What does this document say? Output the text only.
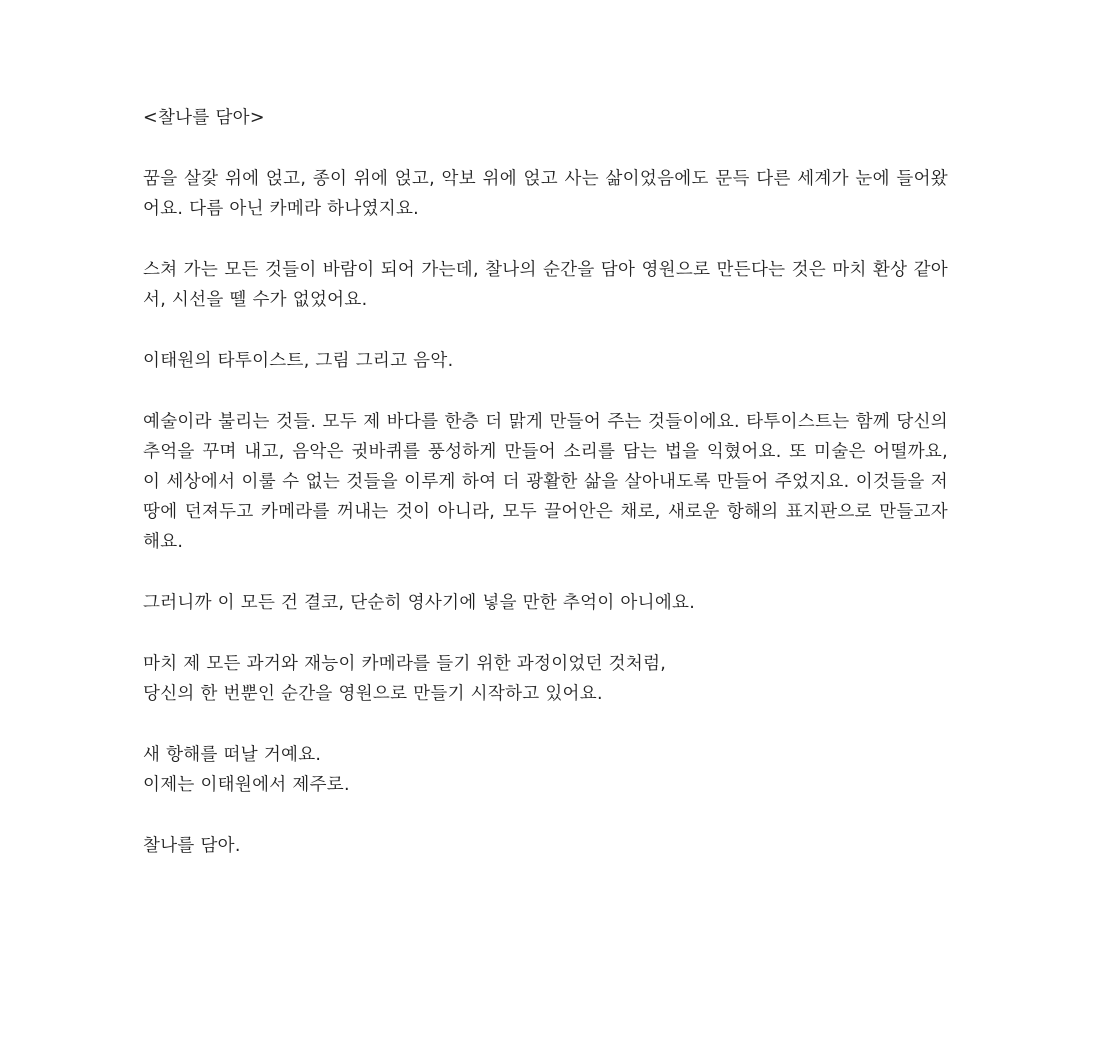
<찰나를 담아>

꿈을 살갗 위에 얹고, 종이 위에 얹고, 악보 위에 얹고 사는 삶이었음에도 문득 다른 세계가 눈에 들어왔어요. 다름 아닌 카메라 하나였지요.

스쳐 가는 모든 것들이 바람이 되어 가는데, 찰나의 순간을 담아 영원으로 만든다는 것은 마치 환상 같아서, 시선을 뗄 수가 없었어요.

이태원의 타투이스트, 그림 그리고 음악.

예술이라 불리는 것들. 모두 제 바다를 한층 더 맑게 만들어 주는 것들이에요. 타투이스트는 함께 당신의 추억을 꾸며 내고, 음악은 귓바퀴를 풍성하게 만들어 소리를 담는 법을 익혔어요. 또 미술은 어떨까요, 이 세상에서 이룰 수 없는 것들을 이루게 하여 더 광활한 삶을 살아내도록 만들어 주었지요. 이것들을 저 땅에 던져두고 카메라를 꺼내는 것이 아니라, 모두 끌어안은 채로, 새로운 항해의 표지판으로 만들고자 해요.

그러니까 이 모든 건 결코, 단순히 영사기에 넣을 만한 추억이 아니에요.

마치 제 모든 과거와 재능이 카메라를 들기 위한 과정이었던 것처럼,
당신의 한 번뿐인 순간을 영원으로 만들기 시작하고 있어요.

새 항해를 떠날 거예요.
이제는 이태원에서 제주로.

찰나를 담아.
